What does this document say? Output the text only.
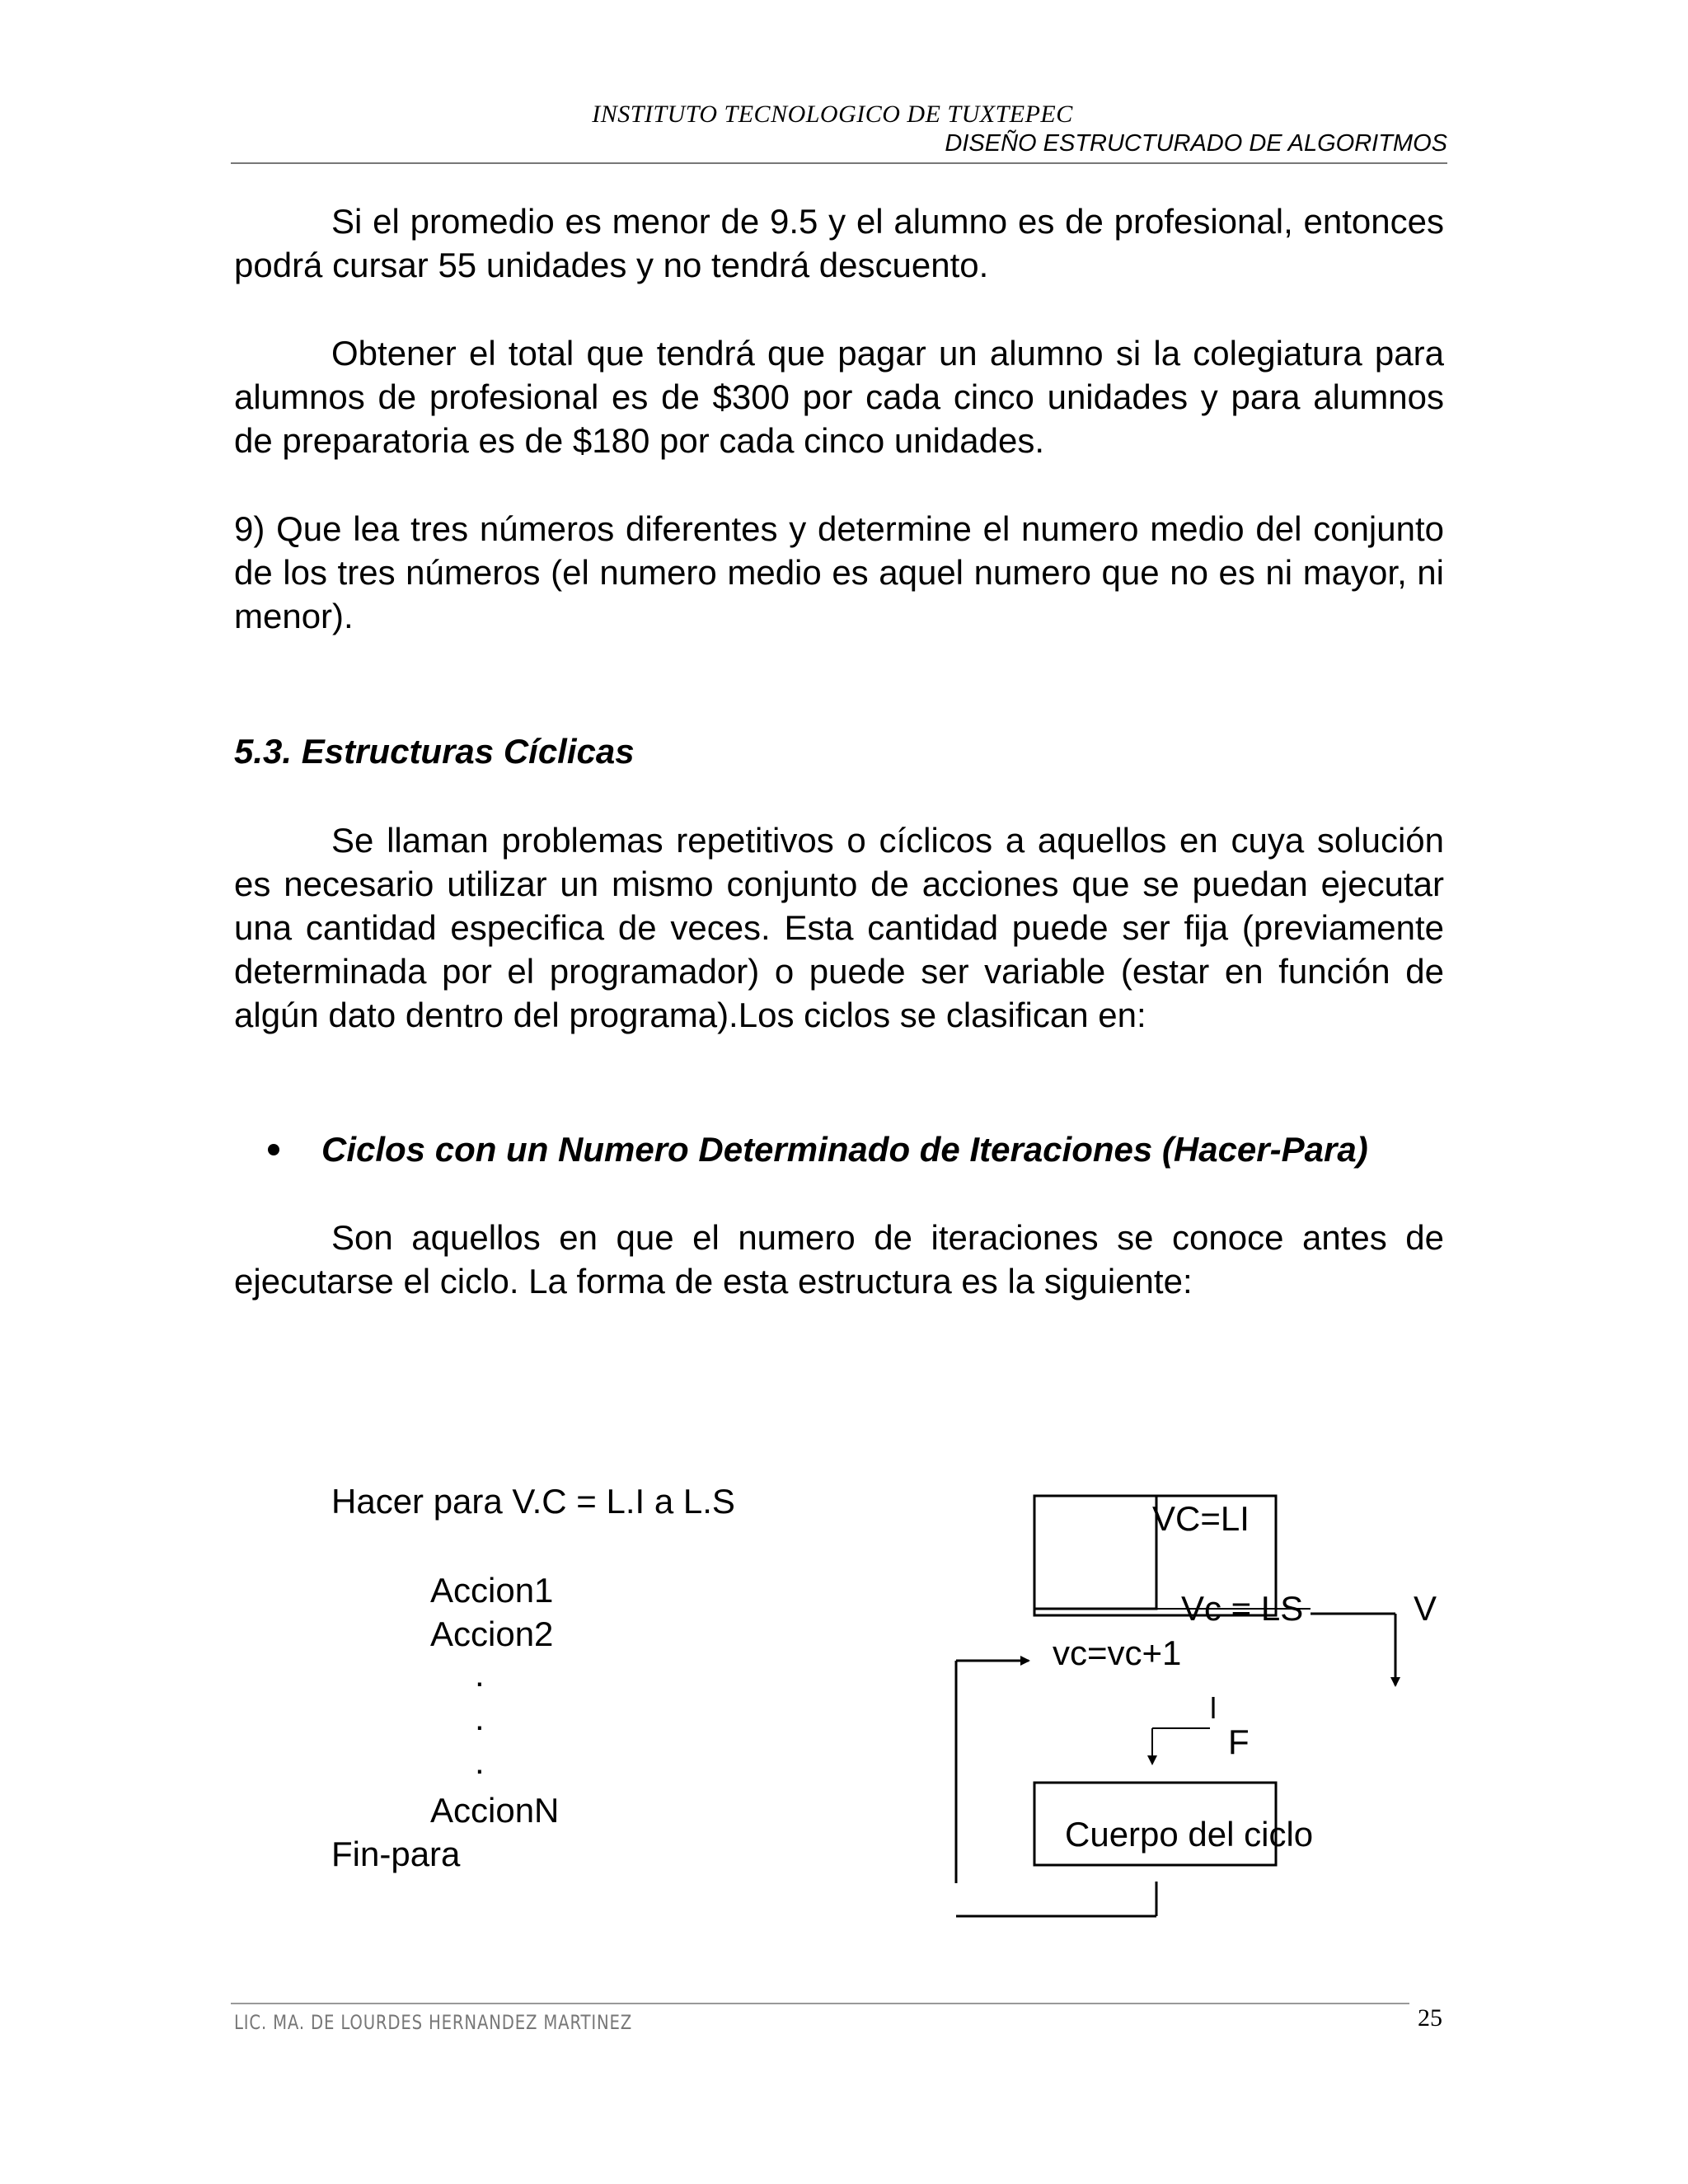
INSTITUTO TECNOLOGICO DE TUXTEPEC
DISEÑO ESTRUCTURADO DE ALGORITMOS
Si el promedio es menor de 9.5 y el alumno es de profesional, entonces podrá cursar 55 unidades y no tendrá descuento.
Obtener el total que tendrá que pagar un alumno si la colegiatura para alumnos de profesional es de $300 por cada cinco unidades y para alumnos de preparatoria es de $180 por cada cinco unidades.
9) Que lea tres números diferentes y determine el numero medio del conjunto de los tres números (el numero medio es aquel numero que no es ni mayor, ni menor).
5.3. Estructuras Cíclicas
Se llaman problemas repetitivos o cíclicos a aquellos en cuya solución es necesario utilizar un mismo conjunto de acciones que se puedan ejecutar una cantidad especifica de veces. Esta cantidad puede ser fija (previamente determinada por el programador) o puede ser variable (estar en función de algún dato dentro del programa).Los ciclos se clasifican en:
Ciclos con un Numero Determinado de Iteraciones (Hacer-Para)
Son aquellos en que el numero de iteraciones se conoce antes de ejecutarse el ciclo. La forma de esta estructura es la siguiente:
Hacer para V.C = L.I a L.S
Accion1
Accion2
.
.
.
AccionN
Fin-para
VC=LI
Vc = LS	V
vc=vc+1
l
F
Cuerpo del ciclo
LIC. MA. DE LOURDES HERNANDEZ MARTINEZ	25
